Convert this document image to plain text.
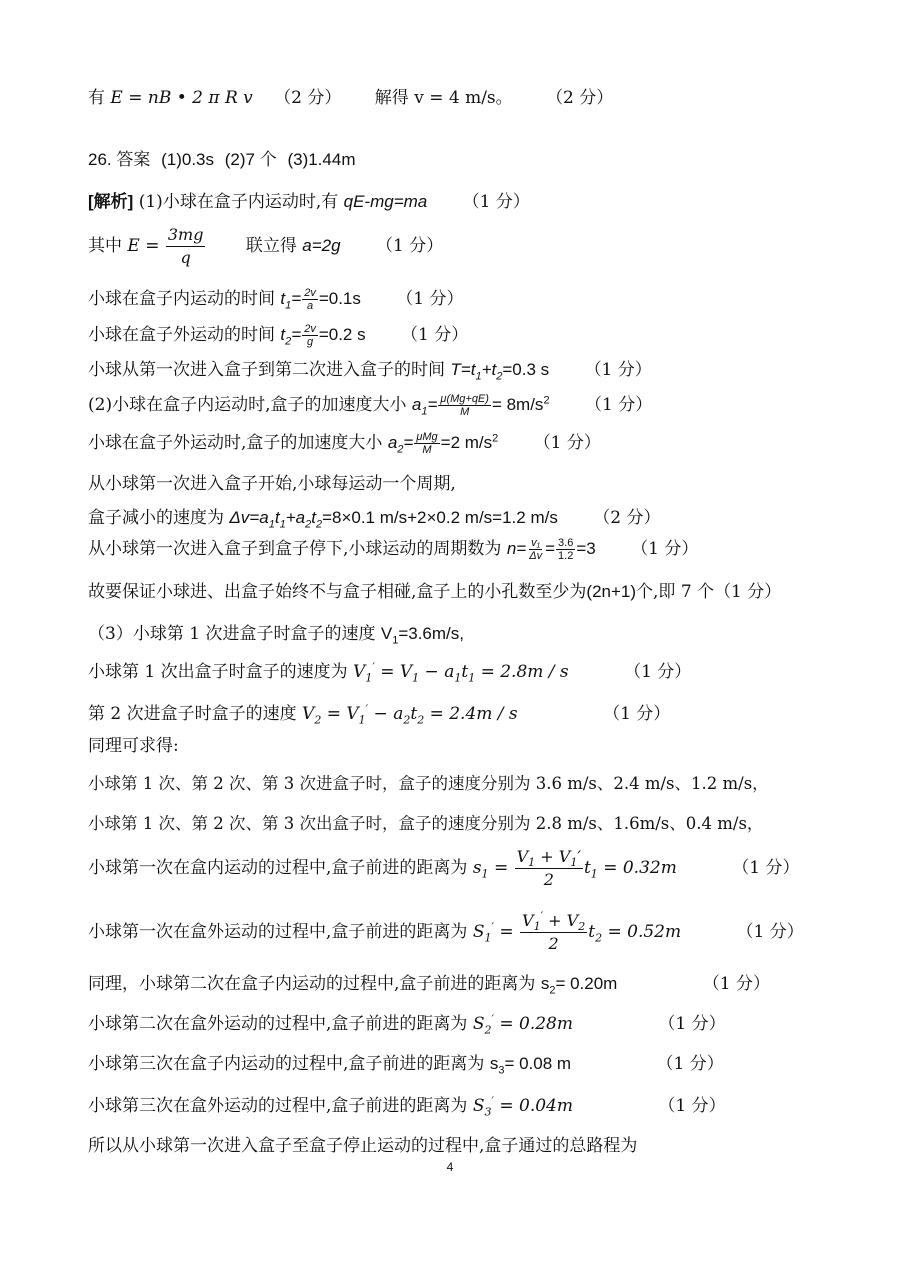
有 E = nB • 2 π R v （2 分） 解得 v = 4 m/s。 （2 分）
26. 答案 (1)0.3s (2)7 个 (3)1.44m
[解析] (1)小球在盒子内运动时,有 qE-mg=ma （1 分）
其中 $E = \frac{3mg}{q}$ 联立得 a=2g （1 分）
小球在盒子内运动的时间 $t_1= \frac{2v}{a} =0.1s$ （1 分）
小球在盒子外运动的时间 $t_2= \frac{2v}{g} =0.2$ s （1 分）
小球从第一次进入盒子到第二次进入盒子的时间 $T=t_1+t_2=0.3$ s （1 分）
(2)小球在盒子内运动时,盒子的加速度大小 $a_1= \frac{\mu(Mg+qE)}{M} = 8m/s^2$ （1 分）
小球在盒子外运动时,盒子的加速度大小 $a_2= \frac{\text{μMg}}{M} =2$ $m/s^2$ （1 分）
从小球第一次进入盒子开始,小球每运动一个周期,
盒子减小的速度为 $\Delta v=a_1t_1+a_2t_2=8\times 0.1$ m/s+2×0.2 m/s=1.2 m/s （2 分）
从小球第一次进入盒子到盒子停下,小球运动的周期数为 $n= \frac{\text{v₁}}{\Delta v} = \frac{3.6}{1.2} =3$ （1 分）
故要保证小球进、出盒子始终不与盒子相碰,盒子上的小孔数至少为(2n+1)个,即 7 个（1 分）
（3）小球第 1 次进盒子时盒子的速度 $V_1=3.6m/s$,
小球第 1 次出盒子时盒子的速度为 $V_1' = V_1 - a_1t_1 = 2.8m / s$	（1 分）
第 2 次进盒子时盒子的速度 $V_2 = V_1' - a_2t_2 = 2.4m / s$	（1 分）
同理可求得:
小球第 1 次、第 2 次、第 3 次进盒子时，盒子的速度分别为 3.6 m/s、2.4 m/s、1.2 m/s，
小球第 1 次、第 2 次、第 3 次出盒子时，盒子的速度分别为 2.8 m/s、1.6m/s、0.4 m/s，
小球第一次在盒内运动的过程中,盒子前进的距离为 $s_1 = \frac{V_1 + V_1'}{2} t_1 = 0.32m$	（1 分）
小球第一次在盒外运动的过程中,盒子前进的距离为 $S_1' = \frac{V_1' + V_2}{2} t_2 = 0.52m$	（1 分）
同理，小球第二次在盒子内运动的过程中,盒子前进的距离为 $s_2= 0.20m$	（1 分）
小球第二次在盒外运动的过程中,盒子前进的距离为 $S_2' = 0.28m$	（1 分）
小球第三次在盒子内运动的过程中,盒子前进的距离为 $s_3= 0.08$ m	（1 分）
小球第三次在盒外运动的过程中,盒子前进的距离为 $S_3' = 0.04m$	（1 分）
所以从小球第一次进入盒子至盒子停止运动的过程中,盒子通过的总路程为
4
